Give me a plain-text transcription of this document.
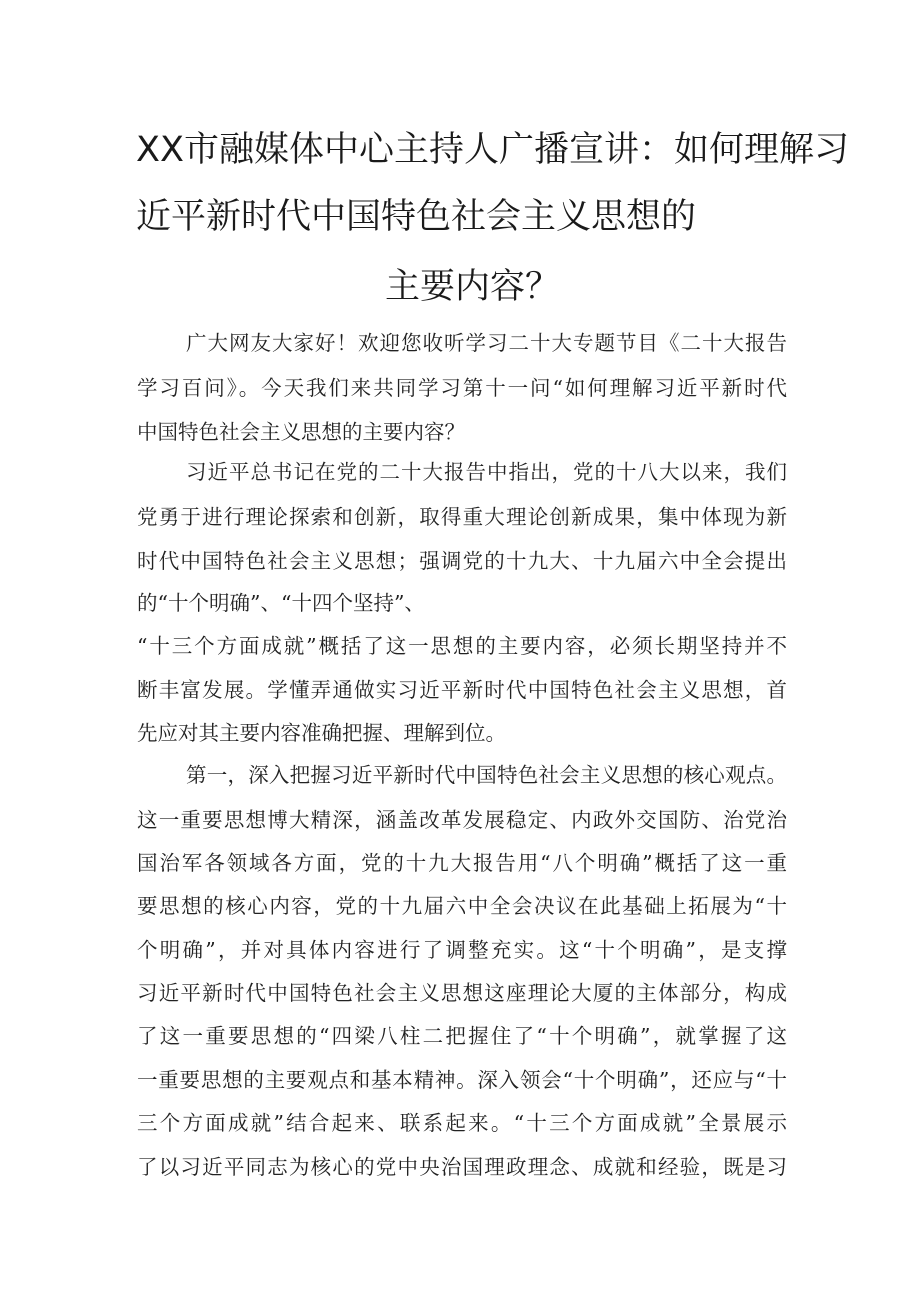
XX市融媒体中心主持人广播宣讲：如何理解习
近平新时代中国特色社会主义思想的
主要内容？
广大网友大家好！欢迎您收听学习二十大专题节目《二十大报告
学习百问》。今天我们来共同学习第十一问“如何理解习近平新时代
中国特色社会主义思想的主要内容？
习近平总书记在党的二十大报告中指出，党的十八大以来，我们
党勇于进行理论探索和创新，取得重大理论创新成果，集中体现为新
时代中国特色社会主义思想；强调党的十九大、十九届六中全会提出
的“十个明确”、“十四个坚持”、
“十三个方面成就”概括了这一思想的主要内容，必须长期坚持并不
断丰富发展。学懂弄通做实习近平新时代中国特色社会主义思想，首
先应对其主要内容准确把握、理解到位。
第一，深入把握习近平新时代中国特色社会主义思想的核心观点。
这一重要思想博大精深，涵盖改革发展稳定、内政外交国防、治党治
国治军各领域各方面，党的十九大报告用“八个明确”概括了这一重
要思想的核心内容，党的十九届六中全会决议在此基础上拓展为“十
个明确”，并对具体内容进行了调整充实。这“十个明确”，是支撑
习近平新时代中国特色社会主义思想这座理论大厦的主体部分，构成
了这一重要思想的“四梁八柱二把握住了“十个明确”，就掌握了这
一重要思想的主要观点和基本精神。深入领会“十个明确”，还应与“十
三个方面成就”结合起来、联系起来。“十三个方面成就”全景展示
了以习近平同志为核心的党中央治国理政理念、成就和经验，既是习
